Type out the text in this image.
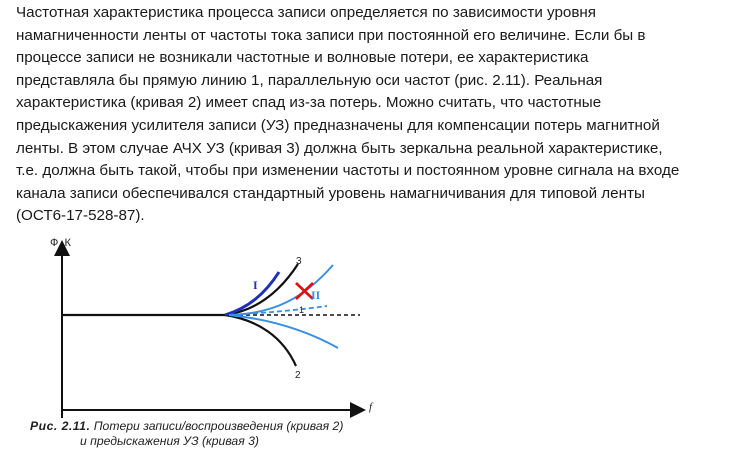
Частотная характеристика процесса записи определяется по зависимости уровня
намагниченности ленты от частоты тока записи при постоянной его величине. Если бы в
процессе записи не возникали частотные и волновые потери, ее характеристика
представляла бы прямую линию 1, параллельную оси частот (рис. 2.11). Реальная
характеристика (кривая 2) имеет спад из-за потерь. Можно считать, что частотные
предыскажения усилителя записи (УЗ) предназначены для компенсации потерь магнитной
ленты. В этом случае АЧХ УЗ (кривая 3) должна быть зеркальна реальной характеристике,
т.е. должна быть такой, чтобы при изменении частоты и постоянном уровне сигнала на входе
канала записи обеспечивался стандартный уровень намагничивания для типовой ленты
(ОСТ6-17-528-87).
Ф, К
f
3
2
1
I
II
Рис. 2.11. Потери записи/воспроизведения (кривая 2)
и предыскажения УЗ (кривая 3)
